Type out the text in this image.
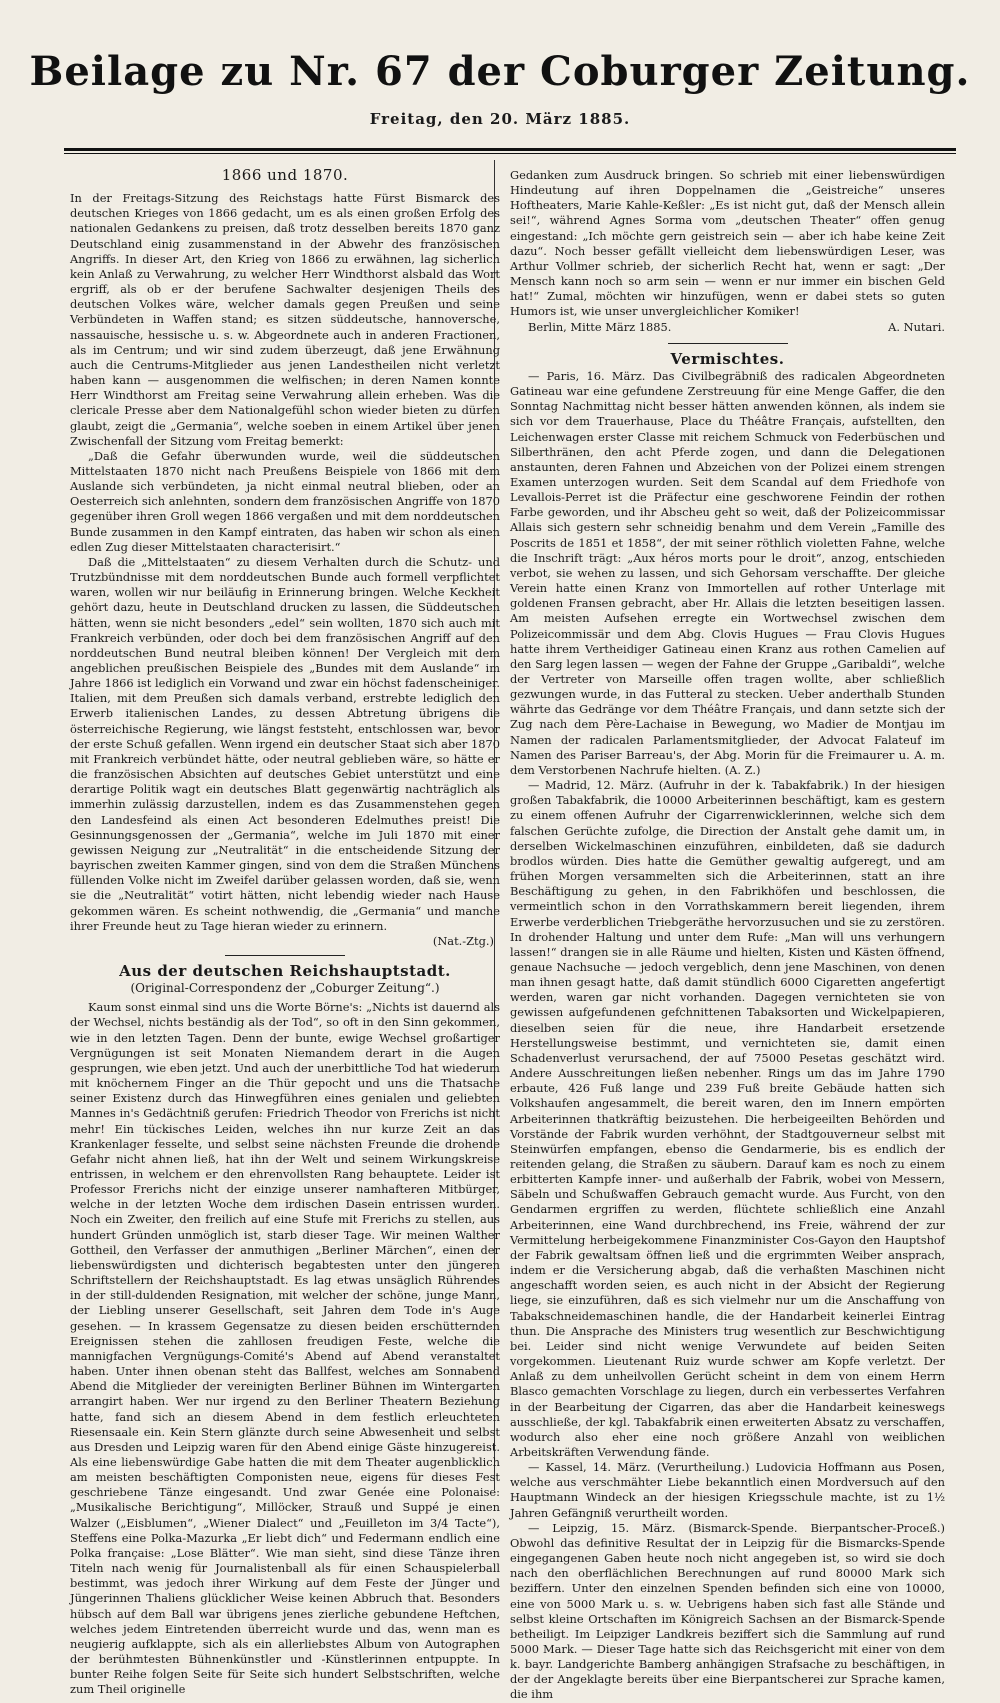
Beilage zu Nr. 67 der Coburger Zeitung.
Freitag, den 20. März 1885.
1866 und 1870.

In der Freitags-Sitzung des Reichstags hatte Fürst Bismarck des deutschen Krieges von 1866 gedacht, um es als einen großen Erfolg des nationalen Gedankens zu preisen, daß trotz desselben bereits 1870 ganz Deutschland einig zusammenstand in der Abwehr des französischen Angriffs. In dieser Art, den Krieg von 1866 zu erwähnen, lag sicherlich kein Anlaß zu Verwahrung, zu welcher Herr Windthorst alsbald das Wort ergriff, als ob er der berufene Sachwalter desjenigen Theils des deutschen Volkes wäre, welcher damals gegen Preußen und seine Verbündeten in Waffen stand; es sitzen süddeutsche, hannoversche, nassauische, hessische u. s. w. Abgeordnete auch in anderen Fractionen, als im Centrum; und wir sind zudem überzeugt, daß jene Erwähnung auch die Centrums-Mitglieder aus jenen Landestheilen nicht verletzt haben kann — ausgenommen die welfischen; in deren Namen konnte Herr Windthorst am Freitag seine Verwahrung allein erheben. Was die clericale Presse aber dem Nationalgefühl schon wieder bieten zu dürfen glaubt, zeigt die „Germania“, welche soeben in einem Artikel über jenen Zwischenfall der Sitzung vom Freitag bemerkt:

„Daß die Gefahr überwunden wurde, weil die süddeutschen Mittelstaaten 1870 nicht nach Preußens Beispiele von 1866 mit dem Auslande sich verbündeten, ja nicht einmal neutral blieben, oder an Oesterreich sich anlehnten, sondern dem französischen Angriffe von 1870 gegenüber ihren Groll wegen 1866 vergaßen und mit dem norddeutschen Bunde zusammen in den Kampf eintraten, das haben wir schon als einen edlen Zug dieser Mittelstaaten characterisirt.“

Daß die „Mittelstaaten“ zu diesem Verhalten durch die Schutz- und Trutzbündnisse mit dem norddeutschen Bunde auch formell verpflichtet waren, wollen wir nur beiläufig in Erinnerung bringen. Welche Keckheit gehört dazu, heute in Deutschland drucken zu lassen, die Süddeutschen hätten, wenn sie nicht besonders „edel“ sein wollten, 1870 sich auch mit Frankreich verbünden, oder doch bei dem französischen Angriff auf den norddeutschen Bund neutral bleiben können! Der Vergleich mit dem angeblichen preußischen Beispiele des „Bundes mit dem Auslande“ im Jahre 1866 ist lediglich ein Vorwand und zwar ein höchst fadenscheiniger. Italien, mit dem Preußen sich damals verband, erstrebte lediglich den Erwerb italienischen Landes, zu dessen Abtretung übrigens die österreichische Regierung, wie längst feststeht, entschlossen war, bevor der erste Schuß gefallen. Wenn irgend ein deutscher Staat sich aber 1870 mit Frankreich verbündet hätte, oder neutral geblieben wäre, so hätte er die französischen Absichten auf deutsches Gebiet unterstützt und eine derartige Politik wagt ein deutsches Blatt gegenwärtig nachträglich als immerhin zulässig darzustellen, indem es das Zusammenstehen gegen den Landesfeind als einen Act besonderen Edelmuthes preist! Die Gesinnungsgenossen der „Germania“, welche im Juli 1870 mit einer gewissen Neigung zur „Neutralität“ in die entscheidende Sitzung der bayrischen zweiten Kammer gingen, sind von dem die Straßen Münchens füllenden Volke nicht im Zweifel darüber gelassen worden, daß sie, wenn sie die „Neutralität“ votirt hätten, nicht lebendig wieder nach Hause gekommen wären. Es scheint nothwendig, die „Germania“ und manche ihrer Freunde heut zu Tage hieran wieder zu erinnern.

(Nat.-Ztg.)

Aus der deutschen Reichshauptstadt.

(Original-Correspondenz der „Coburger Zeitung“.)

Kaum sonst einmal sind uns die Worte Börne's: „Nichts ist dauernd als der Wechsel, nichts beständig als der Tod“, so oft in den Sinn gekommen, wie in den letzten Tagen. Denn der bunte, ewige Wechsel großartiger Vergnügungen ist seit Monaten Niemandem derart in die Augen gesprungen, wie eben jetzt. Und auch der unerbittliche Tod hat wiederum mit knöchernem Finger an die Thür gepocht und uns die Thatsache seiner Existenz durch das Hinwegführen eines genialen und geliebten Mannes in's Gedächtniß gerufen: Friedrich Theodor von Frerichs ist nicht mehr! Ein tückisches Leiden, welches ihn nur kurze Zeit an das Krankenlager fesselte, und selbst seine nächsten Freunde die drohende Gefahr nicht ahnen ließ, hat ihn der Welt und seinem Wirkungskreise entrissen, in welchem er den ehrenvollsten Rang behauptete. Leider ist Professor Frerichs nicht der einzige unserer namhafteren Mitbürger, welche in der letzten Woche dem irdischen Dasein entrissen wurden. Noch ein Zweiter, den freilich auf eine Stufe mit Frerichs zu stellen, aus hundert Gründen unmöglich ist, starb dieser Tage. Wir meinen Walther Gottheil, den Verfasser der anmuthigen „Berliner Märchen“, einen der liebenswürdigsten und dichterisch begabtesten unter den jüngeren Schriftstellern der Reichshauptstadt. Es lag etwas unsäglich Rührendes in der still-duldenden Resignation, mit welcher der schöne, junge Mann, der Liebling unserer Gesellschaft, seit Jahren dem Tode in's Auge gesehen. — In krassem Gegensatze zu diesen beiden erschütternden Ereignissen stehen die zahllosen freudigen Feste, welche die mannigfachen Vergnügungs-Comité's Abend auf Abend veranstaltet haben. Unter ihnen obenan steht das Ballfest, welches am Sonnabend Abend die Mitglieder der vereinigten Berliner Bühnen im Wintergarten arrangirt haben. Wer nur irgend zu den Berliner Theatern Beziehung hatte, fand sich an diesem Abend in dem festlich erleuchteten Riesensaale ein. Kein Stern glänzte durch seine Abwesenheit und selbst aus Dresden und Leipzig waren für den Abend einige Gäste hinzugereist. Als eine liebenswürdige Gabe hatten die mit dem Theater augenblicklich am meisten beschäftigten Componisten neue, eigens für dieses Fest geschriebene Tänze eingesandt. Und zwar Genée eine Polonaise: „Musikalische Berichtigung“, Millöcker, Strauß und Suppé je einen Walzer („Eisblumen“, „Wiener Dialect“ und „Feuilleton im 3/4 Tacte“), Steffens eine Polka-Mazurka „Er liebt dich“ und Federmann endlich eine Polka française: „Lose Blätter“. Wie man sieht, sind diese Tänze ihren Titeln nach wenig für Journalistenball als für einen Schauspielerball bestimmt, was jedoch ihrer Wirkung auf dem Feste der Jünger und Jüngerinnen Thaliens glücklicher Weise keinen Abbruch that. Besonders hübsch auf dem Ball war übrigens jenes zierliche gebundene Heftchen, welches jedem Eintretenden überreicht wurde und das, wenn man es neugierig aufklappte, sich als ein allerliebstes Album von Autographen der berühmtesten Bühnenkünstler und -Künstlerinnen entpuppte. In bunter Reihe folgen Seite für Seite sich hundert Selbstschriften, welche zum Theil originelle

Gedanken zum Ausdruck bringen. So schrieb mit einer liebenswürdigen Hindeutung auf ihren Doppelnamen die „Geistreiche“ unseres Hoftheaters, Marie Kahle-Keßler: „Es ist nicht gut, daß der Mensch allein sei!“, während Agnes Sorma vom „deutschen Theater“ offen genug eingestand: „Ich möchte gern geistreich sein — aber ich habe keine Zeit dazu“. Noch besser gefällt vielleicht dem liebenswürdigen Leser, was Arthur Vollmer schrieb, der sicherlich Recht hat, wenn er sagt: „Der Mensch kann noch so arm sein — wenn er nur immer ein bischen Geld hat!“ Zumal, möchten wir hinzufügen, wenn er dabei stets so guten Humors ist, wie unser unvergleichlicher Komiker!

Berlin, Mitte März 1885.	A. Nutari.
Vermischtes.

— Paris, 16. März. Das Civilbegräbniß des radicalen Abgeordneten Gatineau war eine gefundene Zerstreuung für eine Menge Gaffer, die den Sonntag Nachmittag nicht besser hätten anwenden können, als indem sie sich vor dem Trauerhause, Place du Théâtre Français, aufstellten, den Leichenwagen erster Classe mit reichem Schmuck von Federbüschen und Silberthränen, den acht Pferde zogen, und dann die Delegationen anstaunten, deren Fahnen und Abzeichen von der Polizei einem strengen Examen unterzogen wurden. Seit dem Scandal auf dem Friedhofe von Levallois-Perret ist die Präfectur eine geschworene Feindin der rothen Farbe geworden, und ihr Abscheu geht so weit, daß der Polizeicommissar Allais sich gestern sehr schneidig benahm und dem Verein „Famille des Poscrits de 1851 et 1858“, der mit seiner röthlich violetten Fahne, welche die Inschrift trägt: „Aux héros morts pour le droit“, anzog, entschieden verbot, sie wehen zu lassen, und sich Gehorsam verschaffte. Der gleiche Verein hatte einen Kranz von Immortellen auf rother Unterlage mit goldenen Fransen gebracht, aber Hr. Allais die letzten beseitigen lassen. Am meisten Aufsehen erregte ein Wortwechsel zwischen dem Polizeicommissär und dem Abg. Clovis Hugues — Frau Clovis Hugues hatte ihrem Vertheidiger Gatineau einen Kranz aus rothen Camelien auf den Sarg legen lassen — wegen der Fahne der Gruppe „Garibaldi“, welche der Vertreter von Marseille offen tragen wollte, aber schließlich gezwungen wurde, in das Futteral zu stecken. Ueber anderthalb Stunden währte das Gedränge vor dem Théâtre Français, und dann setzte sich der Zug nach dem Père-Lachaise in Bewegung, wo Madier de Montjau im Namen der radicalen Parlamentsmitglieder, der Advocat Falateuf im Namen des Pariser Barreau's, der Abg. Morin für die Freimaurer u. A. m. dem Verstorbenen Nachrufe hielten. (A. Z.)

— Madrid, 12. März. (Aufruhr in der k. Tabakfabrik.) In der hiesigen großen Tabakfabrik, die 10000 Arbeiterinnen beschäftigt, kam es gestern zu einem offenen Aufruhr der Cigarrenwicklerinnen, welche sich dem falschen Gerüchte zufolge, die Direction der Anstalt gehe damit um, in derselben Wickelmaschinen einzuführen, einbildeten, daß sie dadurch brodlos würden. Dies hatte die Gemüther gewaltig aufgeregt, und am frühen Morgen versammelten sich die Arbeiterinnen, statt an ihre Beschäftigung zu gehen, in den Fabrikhöfen und beschlossen, die vermeintlich schon in den Vorrathskammern bereit liegenden, ihrem Erwerbe verderblichen Triebgeräthe hervorzusuchen und sie zu zerstören. In drohender Haltung und unter dem Rufe: „Man will uns verhungern lassen!“ drangen sie in alle Räume und hielten, Kisten und Kästen öffnend, genaue Nachsuche — jedoch vergeblich, denn jene Maschinen, von denen man ihnen gesagt hatte, daß damit stündlich 6000 Cigaretten angefertigt werden, waren gar nicht vorhanden. Dagegen vernichteten sie von gewissen aufgefundenen gefchnittenen Tabaksorten und Wickelpapieren, dieselben seien für die neue, ihre Handarbeit ersetzende Herstellungsweise bestimmt, und vernichteten sie, damit einen Schadenverlust verursachend, der auf 75000 Pesetas geschätzt wird. Andere Ausschreitungen ließen nebenher. Rings um das im Jahre 1790 erbaute, 426 Fuß lange und 239 Fuß breite Gebäude hatten sich Volkshaufen angesammelt, die bereit waren, den im Innern empörten Arbeiterinnen thatkräftig beizustehen. Die herbeigeeilten Behörden und Vorstände der Fabrik wurden verhöhnt, der Stadtgouverneur selbst mit Steinwürfen empfangen, ebenso die Gendarmerie, bis es endlich der reitenden gelang, die Straßen zu säubern. Darauf kam es noch zu einem erbitterten Kampfe inner- und außerhalb der Fabrik, wobei von Messern, Säbeln und Schußwaffen Gebrauch gemacht wurde. Aus Furcht, von den Gendarmen ergriffen zu werden, flüchtete schließlich eine Anzahl Arbeiterinnen, eine Wand durchbrechend, ins Freie, während der zur Vermittelung herbeigekommene Finanzminister Cos-Gayon den Hauptshof der Fabrik gewaltsam öffnen ließ und die ergrimmten Weiber ansprach, indem er die Versicherung abgab, daß die verhaßten Maschinen nicht angeschafft worden seien, es auch nicht in der Absicht der Regierung liege, sie einzuführen, daß es sich vielmehr nur um die Anschaffung von Tabakschneidemaschinen handle, die der Handarbeit keinerlei Eintrag thun. Die Ansprache des Ministers trug wesentlich zur Beschwichtigung bei. Leider sind nicht wenige Verwundete auf beiden Seiten vorgekommen. Lieutenant Ruiz wurde schwer am Kopfe verletzt. Der Anlaß zu dem unheilvollen Gerücht scheint in dem von einem Herrn Blasco gemachten Vorschlage zu liegen, durch ein verbessertes Verfahren in der Bearbeitung der Cigarren, das aber die Handarbeit keineswegs ausschließe, der kgl. Tabakfabrik einen erweiterten Absatz zu verschaffen, wodurch also eher eine noch größere Anzahl von weiblichen Arbeitskräften Verwendung fände.

— Kassel, 14. März. (Verurtheilung.) Ludovicia Hoffmann aus Posen, welche aus verschmähter Liebe bekanntlich einen Mordversuch auf den Hauptmann Windeck an der hiesigen Kriegsschule machte, ist zu 1½ Jahren Gefängniß verurtheilt worden.

— Leipzig, 15. März. (Bismarck-Spende. Bierpantscher-Proceß.) Obwohl das definitive Resultat der in Leipzig für die Bismarcks-Spende eingegangenen Gaben heute noch nicht angegeben ist, so wird sie doch nach den oberflächlichen Berechnungen auf rund 80000 Mark sich beziffern. Unter den einzelnen Spenden befinden sich eine von 10000, eine von 5000 Mark u. s. w. Uebrigens haben sich fast alle Stände und selbst kleine Ortschaften im Königreich Sachsen an der Bismarck-Spende betheiligt. Im Leipziger Landkreis beziffert sich die Sammlung auf rund 5000 Mark. — Dieser Tage hatte sich das Reichsgericht mit einer von dem k. bayr. Landgerichte Bamberg anhängigen Strafsache zu beschäftigen, in der der Angeklagte bereits über eine Bierpantscherei zur Sprache kamen, die ihm
